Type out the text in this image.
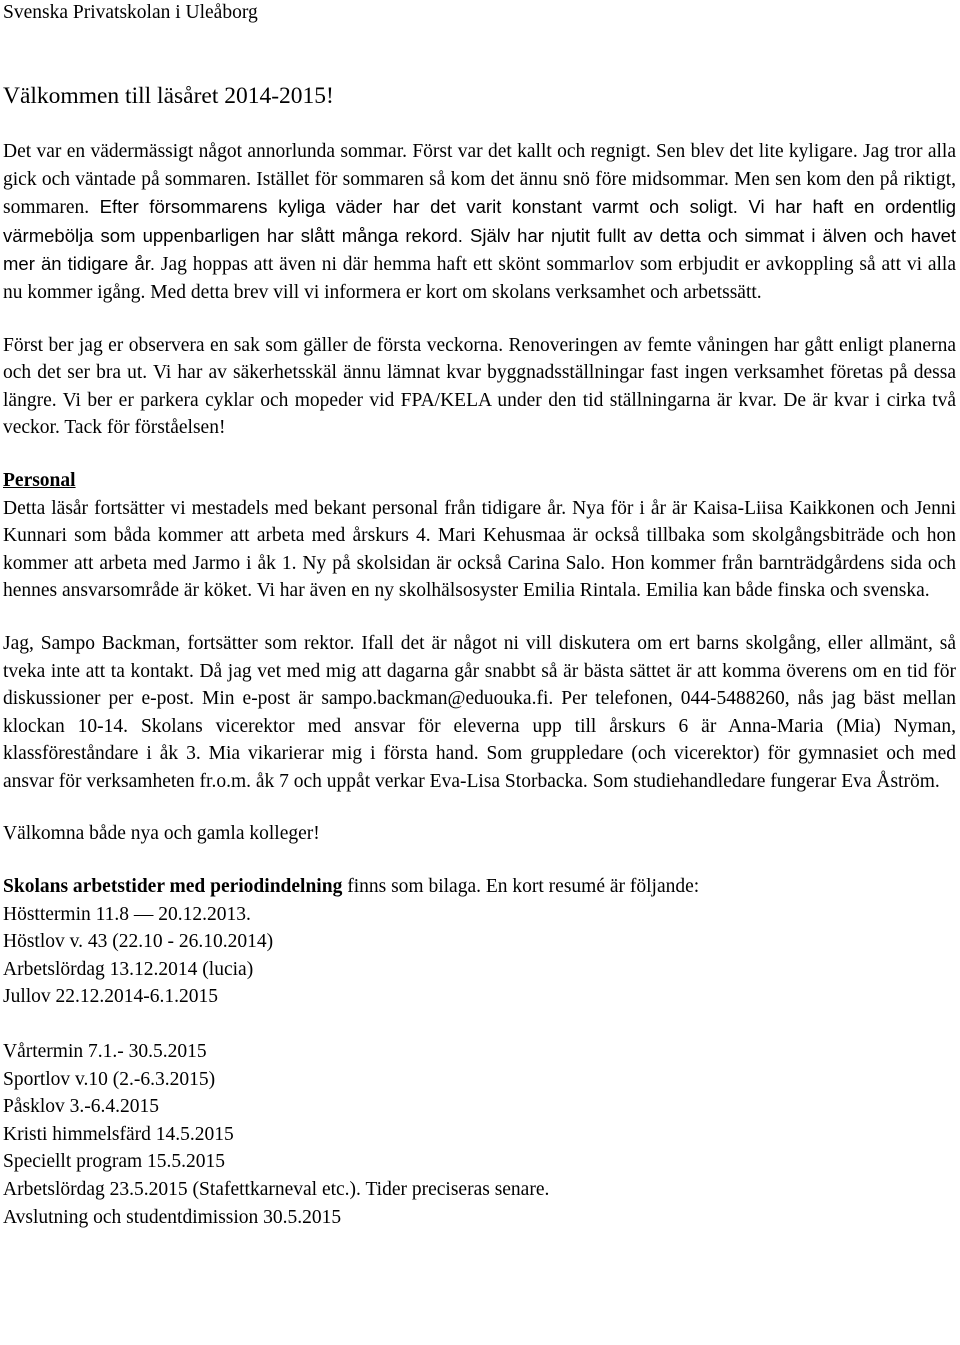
Svenska Privatskolan i Uleåborg

Välkommen till läsåret 2014-2015!

Det var en vädermässigt något annorlunda sommar. Först var det kallt och regnigt. Sen blev det lite kyligare. Jag tror alla gick och väntade på sommaren. Istället för sommaren så kom det ännu snö före midsommar. Men sen kom den på riktigt, sommaren. Efter försommarens kyliga väder har det varit konstant varmt och soligt. Vi har haft en ordentlig värmebölja som uppenbarligen har slått många rekord. Själv har njutit fullt av detta och simmat i älven och havet mer än tidigare år. Jag hoppas att även ni där hemma haft ett skönt sommarlov som erbjudit er avkoppling så att vi alla nu kommer igång. Med detta brev vill vi informera er kort om skolans verksamhet och arbetssätt.

Först ber jag er observera en sak som gäller de första veckorna. Renoveringen av femte våningen har gått enligt planerna och det ser bra ut. Vi har av säkerhetsskäl ännu lämnat kvar byggnadsställningar fast ingen verksamhet företas på dessa längre. Vi ber er parkera cyklar och mopeder vid FPA/KELA under den tid ställningarna är kvar. De är kvar i cirka två veckor. Tack för förståelsen!

Personal

Detta läsår fortsätter vi mestadels med bekant personal från tidigare år. Nya för i år är Kaisa-Liisa Kaikkonen och Jenni Kunnari som båda kommer att arbeta med årskurs 4. Mari Kehusmaa är också tillbaka som skolgångsbiträde och hon kommer att arbeta med Jarmo i åk 1. Ny på skolsidan är också Carina Salo. Hon kommer från barnträdgårdens sida och hennes ansvarsområde är köket. Vi har även en ny skolhälsosyster Emilia Rintala. Emilia kan både finska och svenska.

Jag, Sampo Backman, fortsätter som rektor. Ifall det är något ni vill diskutera om ert barns skolgång, eller allmänt, så tveka inte att ta kontakt. Då jag vet med mig att dagarna går snabbt så är bästa sättet är att komma överens om en tid för diskussioner per e-post. Min e-post är sampo.backman@eduouka.fi. Per telefonen, 044-5488260, nås jag bäst mellan klockan 10-14. Skolans vicerektor med ansvar för eleverna upp till årskurs 6 är Anna-Maria (Mia) Nyman, klassföreståndare i åk 3. Mia vikarierar mig i första hand. Som gruppledare (och vicerektor) för gymnasiet och med ansvar för verksamheten fr.o.m. åk 7 och uppåt verkar Eva-Lisa Storbacka. Som studiehandledare fungerar Eva Åström.

Välkomna både nya och gamla kolleger!

Skolans arbetstider med periodindelning finns som bilaga. En kort resumé är följande:

Hösttermin 11.8 — 20.12.2013.
Höstlov v. 43 (22.10 - 26.10.2014)
Arbetslördag 13.12.2014 (lucia)
Jullov 22.12.2014-6.1.2015
Vårtermin 7.1.- 30.5.2015
Sportlov v.10 (2.-6.3.2015)
Påsklov 3.-6.4.2015
Kristi himmelsfärd 14.5.2015
Speciellt program 15.5.2015
Arbetslördag 23.5.2015 (Stafettkarneval etc.). Tider preciseras senare.
Avslutning och studentdimission 30.5.2015
